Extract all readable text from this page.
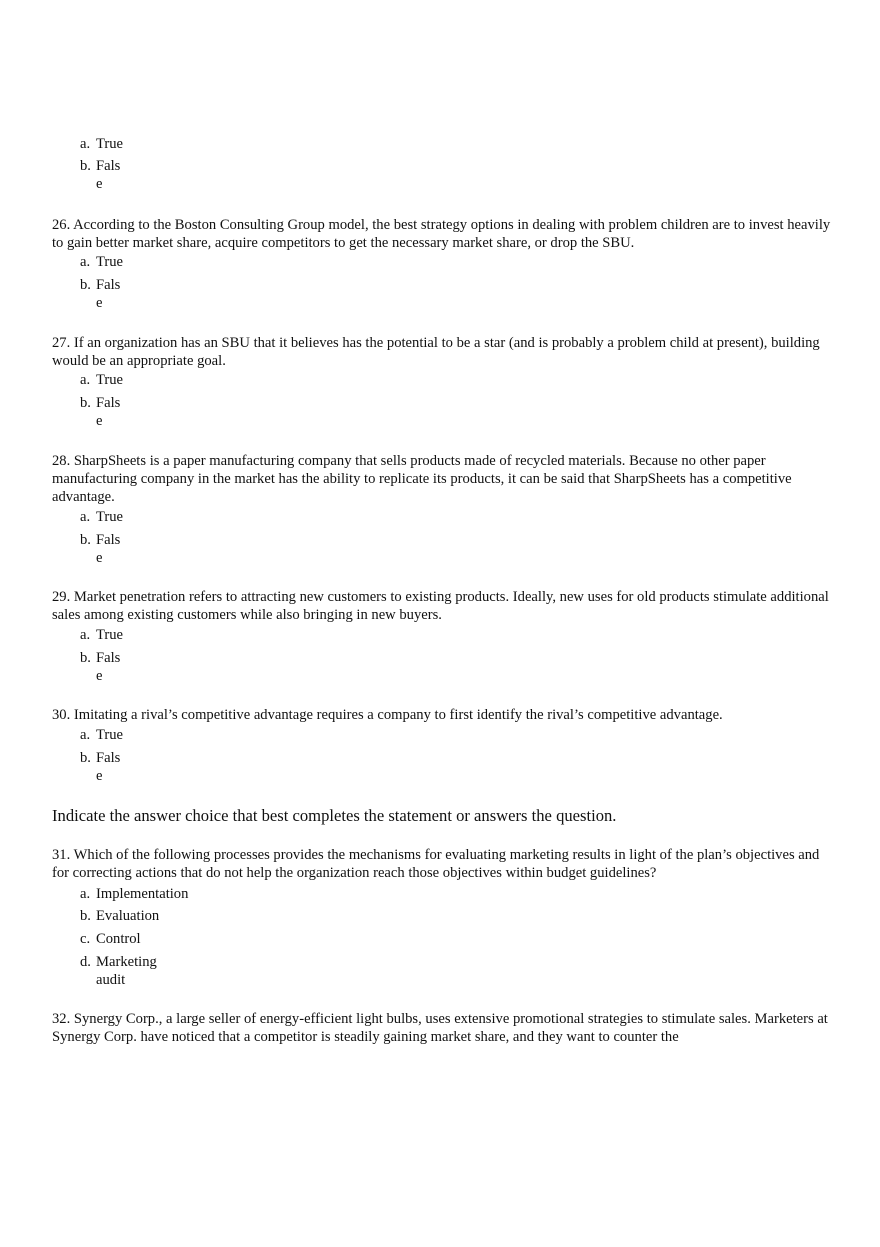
a. True
b. Fals
e
26. According to the Boston Consulting Group model, the best strategy options in dealing with problem children are to invest heavily to gain better market share, acquire competitors to get the necessary market share, or drop the SBU.
a. True
b. Fals
e
27. If an organization has an SBU that it believes has the potential to be a star (and is probably a problem child at present), building would be an appropriate goal.
a. True
b. Fals
e
28. SharpSheets is a paper manufacturing company that sells products made of recycled materials. Because no other paper manufacturing company in the market has the ability to replicate its products, it can be said that SharpSheets has a competitive advantage.
a. True
b. Fals
e
29. Market penetration refers to attracting new customers to existing products. Ideally, new uses for old products stimulate additional sales among existing customers while also bringing in new buyers.
a. True
b. Fals
e
30. Imitating a rival’s competitive advantage requires a company to first identify the rival’s competitive advantage.
a. True
b. Fals
e
Indicate the answer choice that best completes the statement or answers the question.
31. Which of the following processes provides the mechanisms for evaluating marketing results in light of the plan’s objectives and for correcting actions that do not help the organization reach those objectives within budget guidelines?
a. Implementation
b. Evaluation
c. Control
d. Marketing
audit
32. Synergy Corp., a large seller of energy-efficient light bulbs, uses extensive promotional strategies to stimulate sales. Marketers at Synergy Corp. have noticed that a competitor is steadily gaining market share, and they want to counter the
